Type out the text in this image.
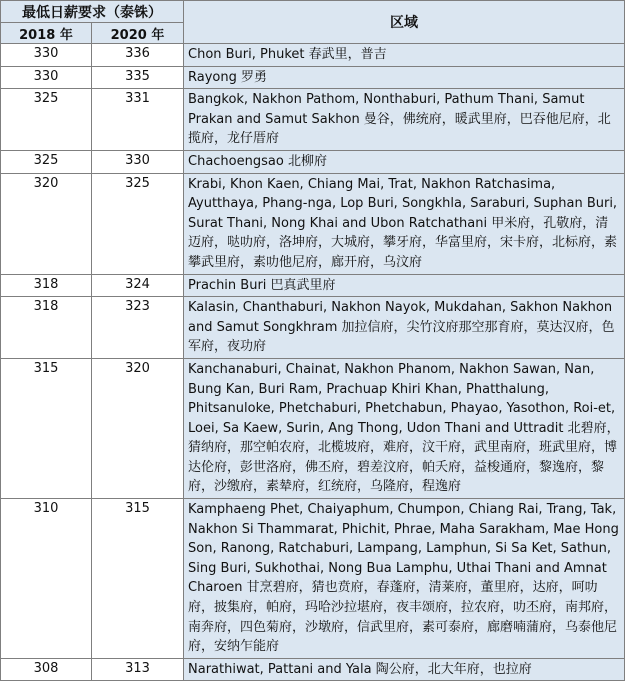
最低日薪要求（泰铢）		区域
2018 年	2020 年	
330	336	Chon Buri, Phuket 春武里，普吉
330	335	Rayong 罗勇
325	331	Bangkok, Nakhon Pathom, Nonthaburi, Pathum Thani, Samut Prakan and Samut Sakhon 曼谷，佛统府，暖武里府，巴吞他尼府，北揽府，龙仔厝府
325	330	Chachoengsao 北柳府
320	325	Krabi, Khon Kaen, Chiang Mai, Trat, Nakhon Ratchasima, Ayutthaya, Phang-nga, Lop Buri, Songkhla, Saraburi, Suphan Buri, Surat Thani, Nong Khai and Ubon Ratchathani 甲米府，孔敬府，清迈府，哒叻府，洛坤府，大城府，攀牙府，华富里府，宋卡府，北标府，素攀武里府，素叻他尼府，廊开府，乌汶府
318	324	Prachin Buri 巴真武里府
318	323	Kalasin, Chanthaburi, Nakhon Nayok, Mukdahan, Sakhon Nakhon and Samut Songkhram 加拉信府，尖竹汶府那空那育府，莫达汉府，色军府，夜功府
315	320	Kanchanaburi, Chainat, Nakhon Phanom, Nakhon Sawan, Nan, Bung Kan, Buri Ram, Prachuap Khiri Khan, Phatthalung, Phitsanuloke, Phetchaburi, Phetchabun, Phayao, Yasothon, Roi-et, Loei, Sa Kaew, Surin, Ang Thong, Udon Thani and Uttradit 北碧府，猜纳府，那空帕农府，北榄坡府，难府，汶干府，武里南府，班武里府，博达伦府，彭世洛府，佛丕府，碧差汶府，帕夭府，益梭通府，黎逸府，黎府，沙缴府，素辇府，红统府，乌隆府，程逸府
310	315	Kamphaeng Phet, Chaiyaphum, Chumpon, Chiang Rai, Trang, Tak, Nakhon Si Thammarat, Phichit, Phrae, Maha Sarakham, Mae Hong Son, Ranong, Ratchaburi, Lampang, Lamphun, Si Sa Ket, Sathun, Sing Buri, Sukhothai, Nong Bua Lamphu, Uthai Thani and Amnat Charoen 甘烹碧府，猜也贲府，春蓬府，清莱府，董里府，达府，呵叻府，披集府，帕府，玛哈沙拉堪府，夜丰颂府，拉农府，叻丕府，南邦府，南奔府，四色菊府，沙墩府，信武里府，素可泰府，廊磨喃蒲府，乌泰他尼府，安纳乍能府
308	313	Narathiwat, Pattani and Yala 陶公府，北大年府，也拉府
